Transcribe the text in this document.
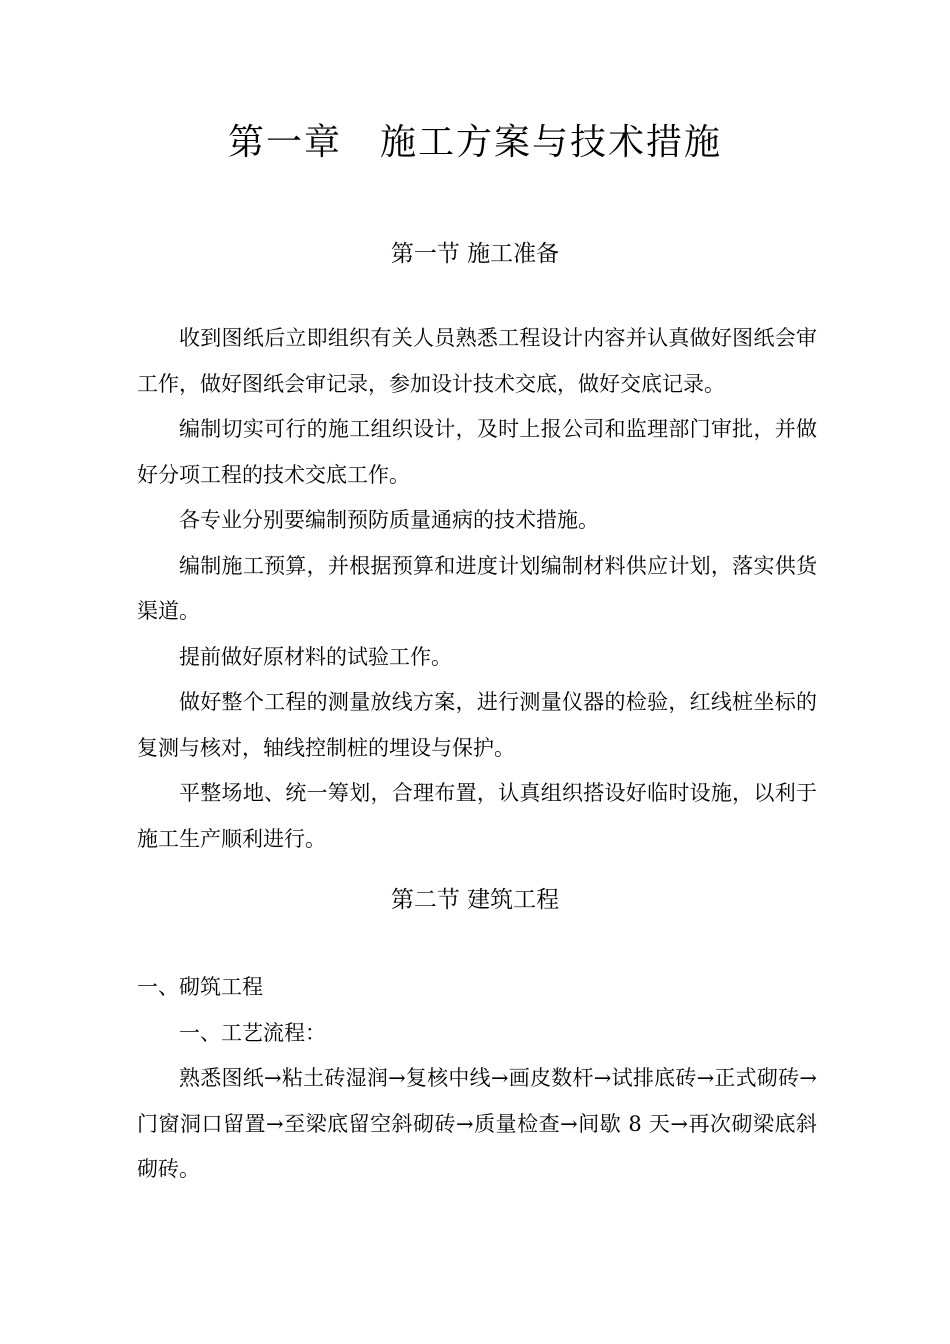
第一章　施工方案与技术措施
第一节 施工准备

收到图纸后立即组织有关人员熟悉工程设计内容并认真做好图纸会审工作，做好图纸会审记录，参加设计技术交底，做好交底记录。

编制切实可行的施工组织设计，及时上报公司和监理部门审批，并做好分项工程的技术交底工作。

各专业分别要编制预防质量通病的技术措施。

编制施工预算，并根据预算和进度计划编制材料供应计划，落实供货渠道。

提前做好原材料的试验工作。

做好整个工程的测量放线方案，进行测量仪器的检验，红线桩坐标的复测与核对，轴线控制桩的埋设与保护。

平整场地、统一筹划，合理布置，认真组织搭设好临时设施，以利于施工生产顺利进行。

第二节 建筑工程

一、砌筑工程

一、工艺流程：

熟悉图纸→粘土砖湿润→复核中线→画皮数杆→试排底砖→正式砌砖→门窗洞口留置→至梁底留空斜砌砖→质量检查→间歇 8 天→再次砌梁底斜砌砖。
